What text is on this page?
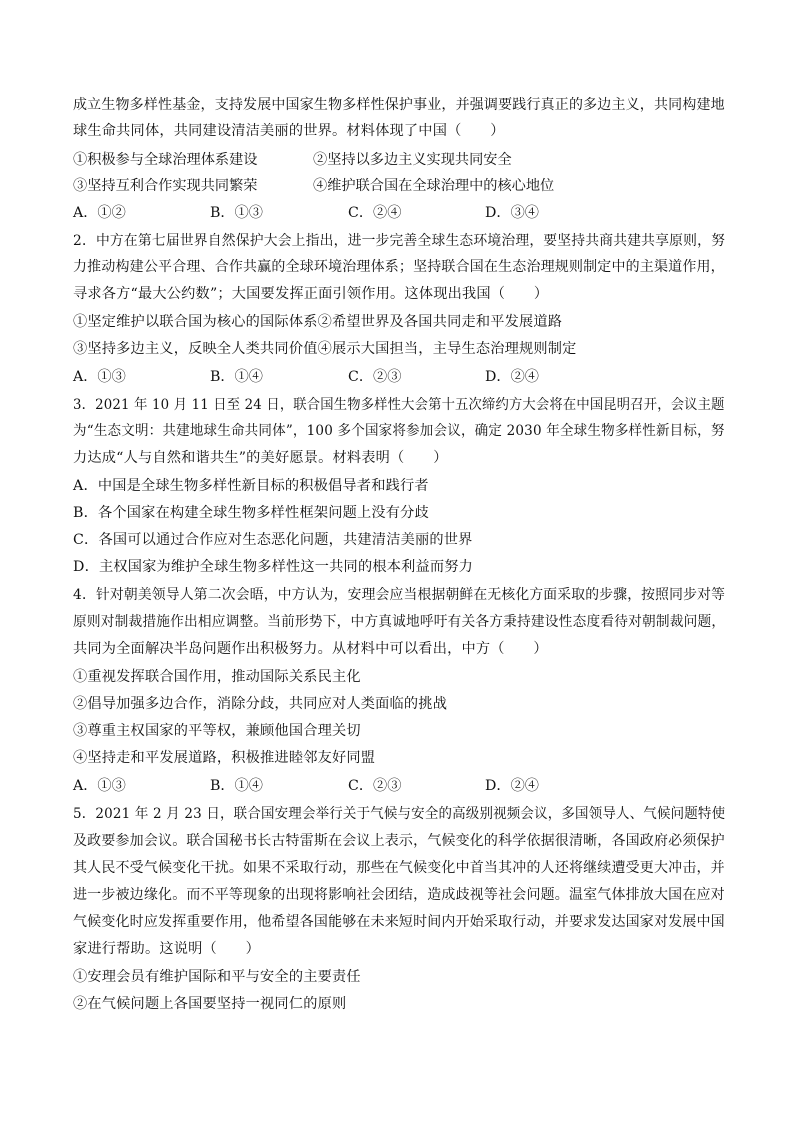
成立生物多样性基金，支持发展中国家生物多样性保护事业，并强调要践行真正的多边主义，共同构建地
球生命共同体，共同建设清洁美丽的世界。材料体现了中国（　　）
①积极参与全球治理体系建设	②坚持以多边主义实现共同安全
③坚持互利合作实现共同繁荣	④维护联合国在全球治理中的核心地位
A．①②	B．①③	C．②④	D．③④
2．中方在第七届世界自然保护大会上指出，进一步完善全球生态环境治理，要坚持共商共建共享原则，努
力推动构建公平合理、合作共赢的全球环境治理体系；坚持联合国在生态治理规则制定中的主渠道作用，
寻求各方“最大公约数”；大国要发挥正面引领作用。这体现出我国（　　）
①坚定维护以联合国为核心的国际体系②希望世界及各国共同走和平发展道路
③坚持多边主义，反映全人类共同价值④展示大国担当，主导生态治理规则制定
A．①③	B．①④	C．②③	D．②④
3．2021 年 10 月 11 日至 24 日，联合国生物多样性大会第十五次缔约方大会将在中国昆明召开，会议主题
为“生态文明：共建地球生命共同体”，100 多个国家将参加会议，确定 2030 年全球生物多样性新目标，努
力达成“人与自然和谐共生”的美好愿景。材料表明（　　）
A．中国是全球生物多样性新目标的积极倡导者和践行者
B．各个国家在构建全球生物多样性框架问题上没有分歧
C．各国可以通过合作应对生态恶化问题，共建清洁美丽的世界
D．主权国家为维护全球生物多样性这一共同的根本利益而努力
4．针对朝美领导人第二次会晤，中方认为，安理会应当根据朝鲜在无核化方面采取的步骤，按照同步对等
原则对制裁措施作出相应调整。当前形势下，中方真诚地呼吁有关各方秉持建设性态度看待对朝制裁问题，
共同为全面解决半岛问题作出积极努力。从材料中可以看出，中方（　　）
①重视发挥联合国作用，推动国际关系民主化
②倡导加强多边合作，消除分歧，共同应对人类面临的挑战
③尊重主权国家的平等权，兼顾他国合理关切
④坚持走和平发展道路，积极推进睦邻友好同盟
A．①③	B．①④	C．②③	D．②④
5．2021 年 2 月 23 日，联合国安理会举行关于气候与安全的高级别视频会议，多国领导人、气候问题特使
及政要参加会议。联合国秘书长古特雷斯在会议上表示，气候变化的科学依据很清晰，各国政府必须保护
其人民不受气候变化干扰。如果不采取行动，那些在气候变化中首当其冲的人还将继续遭受更大冲击，并
进一步被边缘化。而不平等现象的出现将影响社会团结，造成歧视等社会问题。温室气体排放大国在应对
气候变化时应发挥重要作用，他希望各国能够在未来短时间内开始采取行动，并要求发达国家对发展中国
家进行帮助。这说明（　　）
①安理会员有维护国际和平与安全的主要责任
②在气候问题上各国要坚持一视同仁的原则
